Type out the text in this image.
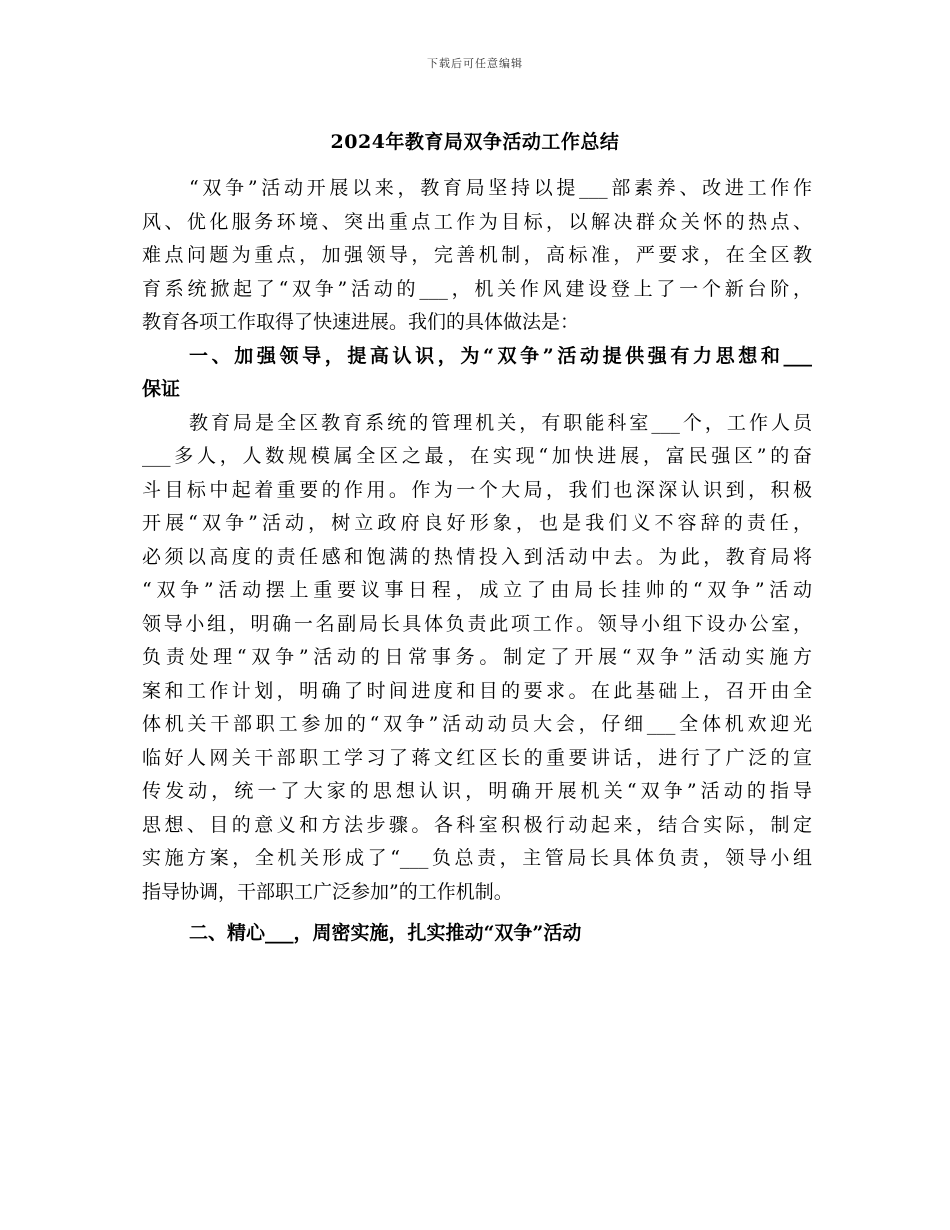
下载后可任意编辑
2024年教育局双争活动工作总结
“双争”活动开展以来，教育局坚持以提___部素养、改进工作作
风、优化服务环境、突出重点工作为目标，以解决群众关怀的热点、
难点问题为重点，加强领导，完善机制，高标准，严要求，在全区教
育系统掀起了“双争”活动的___，机关作风建设登上了一个新台阶，
教育各项工作取得了快速进展。我们的具体做法是：
一、加强领导，提高认识，为“双争”活动提供强有力思想和___
保证
教育局是全区教育系统的管理机关，有职能科室___个，工作人员
___多人，人数规模属全区之最，在实现“加快进展，富民强区”的奋
斗目标中起着重要的作用。作为一个大局，我们也深深认识到，积极
开展“双争”活动，树立政府良好形象，也是我们义不容辞的责任，
必须以高度的责任感和饱满的热情投入到活动中去。为此，教育局将
“双争”活动摆上重要议事日程，成立了由局长挂帅的“双争”活动
领导小组，明确一名副局长具体负责此项工作。领导小组下设办公室，
负责处理“双争”活动的日常事务。制定了开展“双争”活动实施方
案和工作计划，明确了时间进度和目的要求。在此基础上，召开由全
体机关干部职工参加的“双争”活动动员大会，仔细___全体机欢迎光
临好人网关干部职工学习了蒋文红区长的重要讲话，进行了广泛的宣
传发动，统一了大家的思想认识，明确开展机关“双争”活动的指导
思想、目的意义和方法步骤。各科室积极行动起来，结合实际，制定
实施方案，全机关形成了“___负总责，主管局长具体负责，领导小组
指导协调，干部职工广泛参加”的工作机制。
二、精心___，周密实施，扎实推动“双争”活动
